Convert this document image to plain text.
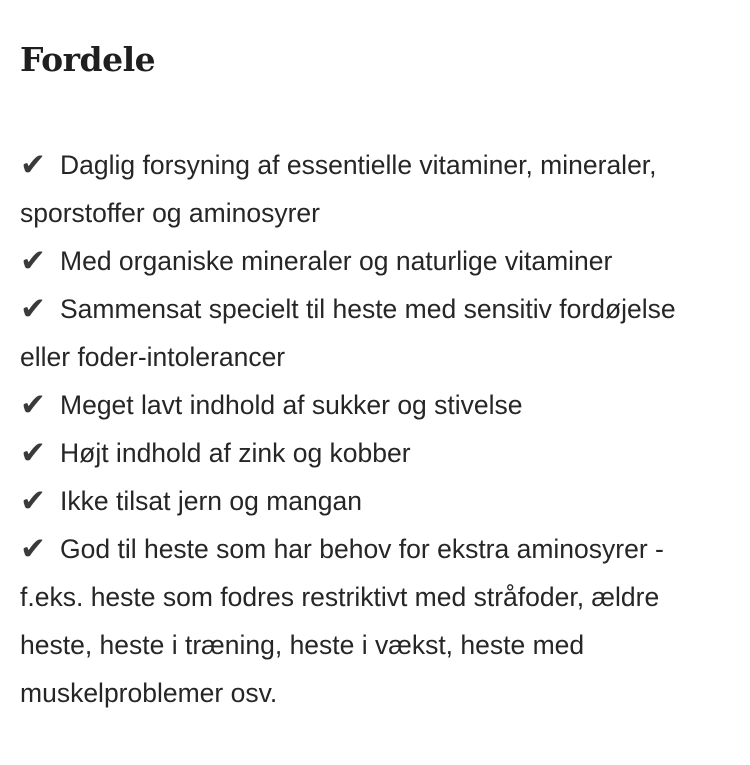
Fordele
✔ Daglig forsyning af essentielle vitaminer, mineraler, sporstoffer og aminosyrer
✔ Med organiske mineraler og naturlige vitaminer
✔ Sammensat specielt til heste med sensitiv fordøjelse eller foder-intolerancer
✔ Meget lavt indhold af sukker og stivelse
✔ Højt indhold af zink og kobber
✔ Ikke tilsat jern og mangan
✔ God til heste som har behov for ekstra aminosyrer - f.eks. heste som fodres restriktivt med stråfoder, ældre heste, heste i træning, heste i vækst, heste med muskelproblemer osv.
